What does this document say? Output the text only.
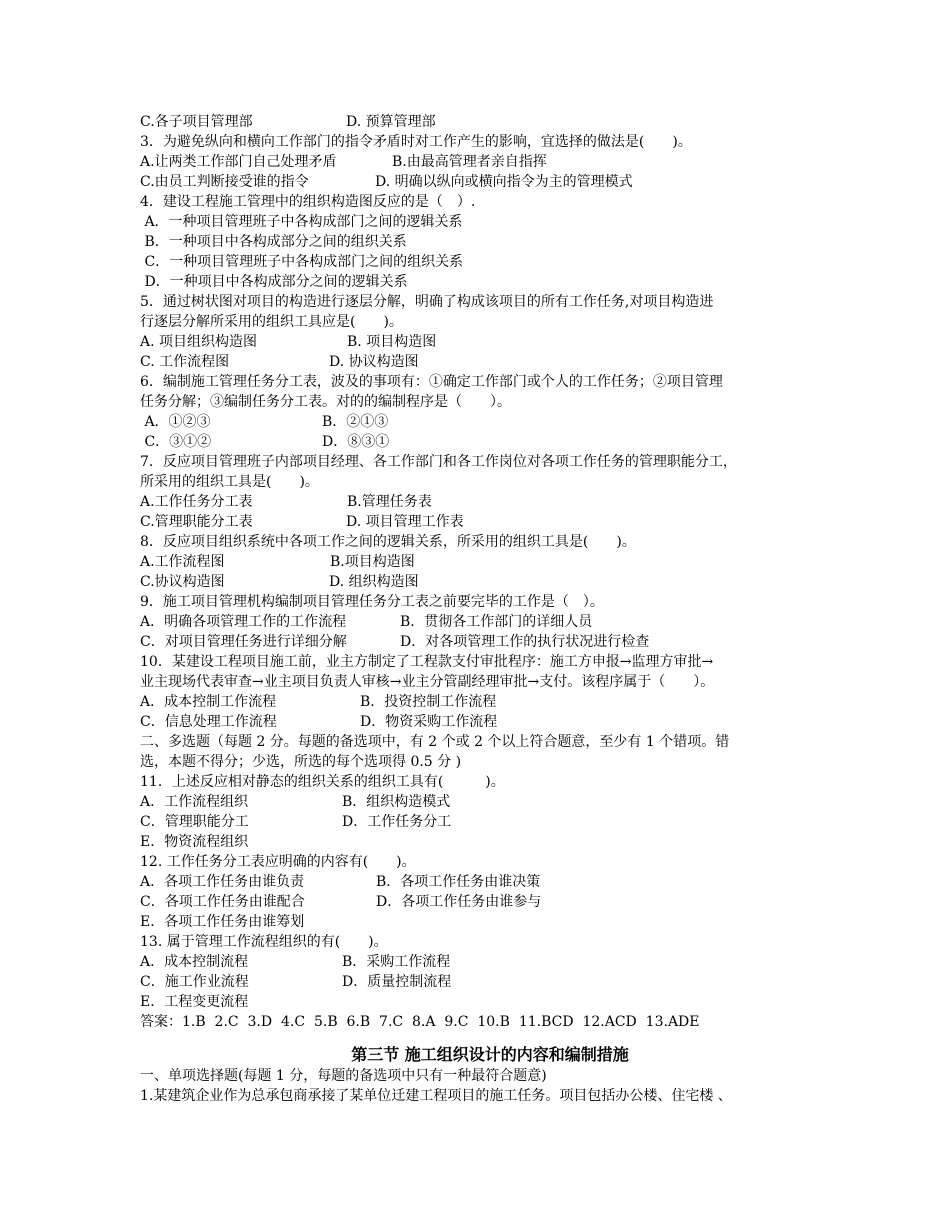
C.各子项目管理部	D. 预算管理部
3．为避免纵向和横向工作部门的指令矛盾时对工作产生的影响，宜选择的做法是(　　)。
A.让两类工作部门自己处理矛盾	B.由最高管理者亲自指挥
C.由员工判断接受谁的指令	D. 明确以纵向或横向指令为主的管理模式
4．建设工程施工管理中的组织构造图反应的是（　）.
A．一种项目管理班子中各构成部门之间的逻辑关系
B．一种项目中各构成部分之间的组织关系
C．一种项目管理班子中各构成部门之间的组织关系
D．一种项目中各构成部分之间的逻辑关系
5．通过树状图对项目的构造进行逐层分解，明确了构成该项目的所有工作任务,对项目构造进
行逐层分解所采用的组织工具应是(　　)。
A. 项目组织构造图	B. 项目构造图
C. 工作流程图	D. 协议构造图
6．编制施工管理任务分工表，波及的事项有：①确定工作部门或个人的工作任务；②项目管理
任务分解；③编制任务分工表。对的的编制程序是（　　）。
A．①②③	B．②①③
C．③①②	D．⑧③①
7．反应项目管理班子内部项目经理、各工作部门和各工作岗位对各项工作任务的管理职能分工，
所采用的组织工具是(　　)。
A.工作任务分工表	B.管理任务表
C.管理职能分工表	D. 项目管理工作表
8．反应项目组织系统中各项工作之间的逻辑关系，所采用的组织工具是(　　)。
A.工作流程图	B.项目构造图
C.协议构造图	D. 组织构造图
9．施工项目管理机构编制项目管理任务分工表之前要完毕的工作是（　）。
A．明确各项管理工作的工作流程	B．贯彻各工作部门的详细人员
C．对项目管理任务进行详细分解	D．对各项管理工作的执行状况进行检查
10．某建设工程项目施工前，业主方制定了工程款支付审批程序：施工方申报→监理方审批→
业主现场代表审查→业主项目负责人审核→业主分管副经理审批→支付。该程序属于（　　）。
A．成本控制工作流程	B．投资控制工作流程
C．信息处理工作流程	D．物资采购工作流程
二、多选题（每题 2 分。每题的备选项中，有 2 个或 2 个以上符合题意，至少有 1 个错项。错
选，本题不得分；少选，所选的每个选项得 0.5 分 )
11．上述反应相对静态的组织关系的组织工具有(　　　)。
A．工作流程组织	B．组织构造模式
C．管理职能分工	D．工作任务分工
E．物资流程组织
12. 工作任务分工表应明确的内容有(　　)。
A．各项工作任务由谁负责	B．各项工作任务由谁决策
C．各项工作任务由谁配合	D．各项工作任务由谁参与
E．各项工作任务由谁筹划
13. 属于管理工作流程组织的有(　　)。
A．成本控制流程	B．采购工作流程
C．施工作业流程	D．质量控制流程
E．工程变更流程
答案：1.B  2.C  3.D  4.C  5.B  6.B  7.C  8.A  9.C  10.B  11.BCD  12.ACD  13.ADE
第三节 施工组织设计的内容和编制措施
一、单项选择题(每题 1 分，每题的备选项中只有一种最符合题意)
1.某建筑企业作为总承包商承接了某单位迁建工程项目的施工任务。项目包括办公楼、住宅楼 、
